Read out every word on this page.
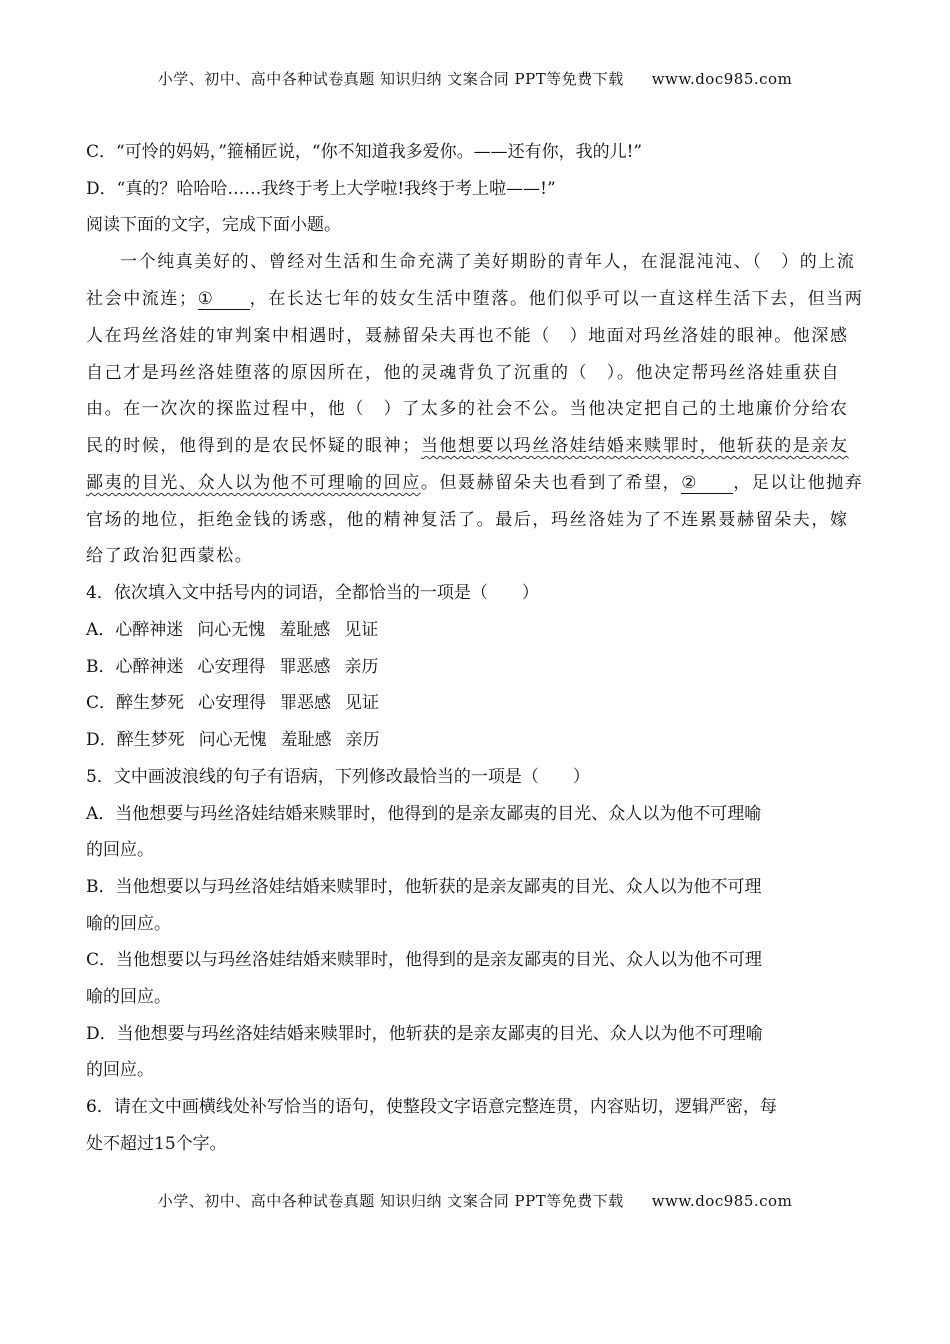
小学、初中、高中各种试卷真题 知识归纳 文案合同 PPT等免费下载 www.doc985.com
C．“可怜的妈妈，”箍桶匠说，“你不知道我多爱你。——还有你，我的儿!”
D．“真的？哈哈哈……我终于考上大学啦!我终于考上啦——!”
阅读下面的文字，完成下面小题。
一个纯真美好的、曾经对生活和生命充满了美好期盼的青年人，在混混沌沌、（　）的上流社会中流连；① ，在长达七年的妓女生活中堕落。他们似乎可以一直这样生活下去，但当两人在玛丝洛娃的审判案中相遇时，聂赫留朵夫再也不能（　）地面对玛丝洛娃的眼神。他深感自己才是玛丝洛娃堕落的原因所在，他的灵魂背负了沉重的（　）。他决定帮玛丝洛娃重获自由。在一次次的探监过程中，他（　）了太多的社会不公。当他决定把自己的土地廉价分给农民的时候，他得到的是农民怀疑的眼神；当他想要以玛丝洛娃结婚来赎罪时，他斩获的是亲友鄙夷的目光、众人以为他不可理喻的回应。但聂赫留朵夫也看到了希望，② ，足以让他抛弃官场的地位，拒绝金钱的诱惑，他的精神复活了。最后，玛丝洛娃为了不连累聂赫留朵夫，嫁给了政治犯西蒙松。
4．依次填入文中括号内的词语，全都恰当的一项是（　　）
A．心醉神迷 问心无愧 羞耻感 见证
B．心醉神迷 心安理得 罪恶感 亲历
C．醉生梦死 心安理得 罪恶感 见证
D．醉生梦死 问心无愧 羞耻感 亲历
5．文中画波浪线的句子有语病，下列修改最恰当的一项是（　　）
A．当他想要与玛丝洛娃结婚来赎罪时，他得到的是亲友鄙夷的目光、众人以为他不可理喻
的回应。
B．当他想要以与玛丝洛娃结婚来赎罪时，他斩获的是亲友鄙夷的目光、众人以为他不可理
喻的回应。
C．当他想要以与玛丝洛娃结婚来赎罪时，他得到的是亲友鄙夷的目光、众人以为他不可理
喻的回应。
D．当他想要与玛丝洛娃结婚来赎罪时，他斩获的是亲友鄙夷的目光、众人以为他不可理喻
的回应。
6．请在文中画横线处补写恰当的语句，使整段文字语意完整连贯，内容贴切，逻辑严密，每
处不超过15个字。
小学、初中、高中各种试卷真题 知识归纳 文案合同 PPT等免费下载 www.doc985.com
